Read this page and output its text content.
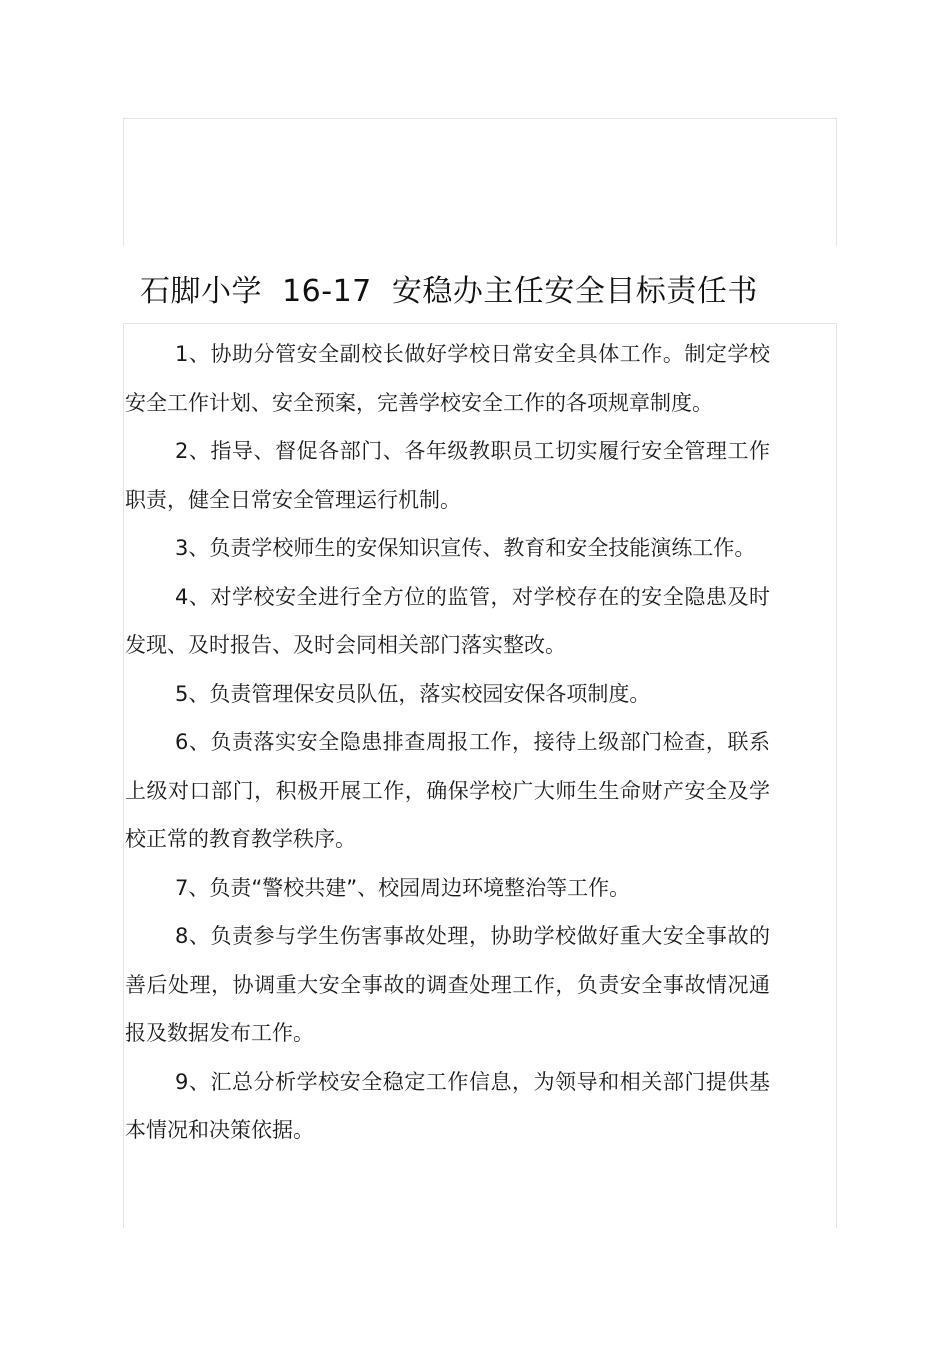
石脚小学  16-17  安稳办主任安全目标责任书

1、协助分管安全副校长做好学校日常安全具体工作。制定学校安全工作计划、安全预案，完善学校安全工作的各项规章制度。

2、指导、督促各部门、各年级教职员工切实履行安全管理工作职责，健全日常安全管理运行机制。

3、负责学校师生的安保知识宣传、教育和安全技能演练工作。

4、对学校安全进行全方位的监管，对学校存在的安全隐患及时发现、及时报告、及时会同相关部门落实整改。

5、负责管理保安员队伍，落实校园安保各项制度。

6、负责落实安全隐患排查周报工作，接待上级部门检查，联系上级对口部门，积极开展工作，确保学校广大师生生命财产安全及学校正常的教育教学秩序。

7、负责“警校共建”、校园周边环境整治等工作。

8、负责参与学生伤害事故处理，协助学校做好重大安全事故的善后处理，协调重大安全事故的调查处理工作，负责安全事故情况通报及数据发布工作。

9、汇总分析学校安全稳定工作信息，为领导和相关部门提供基本情况和决策依据。
